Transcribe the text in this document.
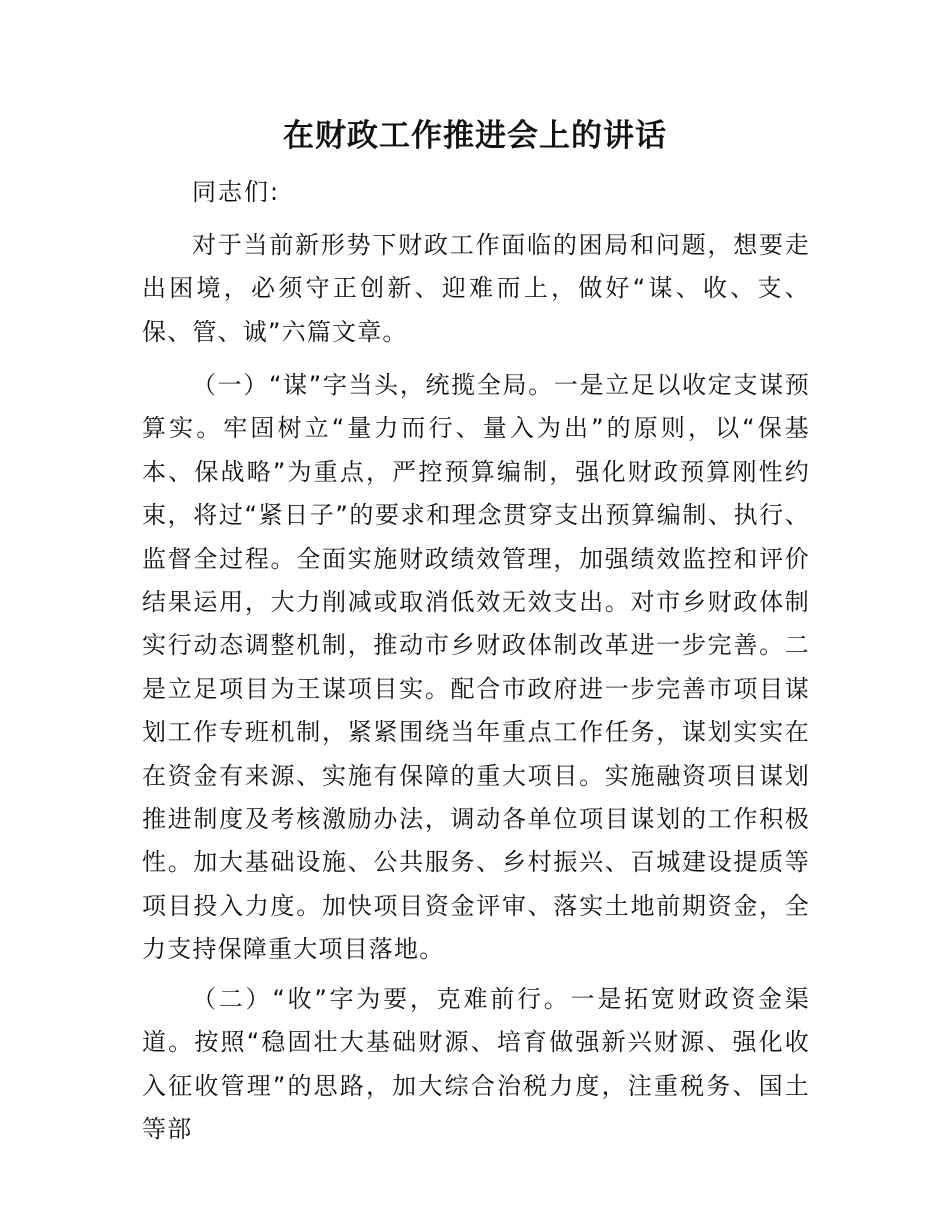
在财政工作推进会上的讲话
同志们:

对于当前新形势下财政工作面临的困局和问题，想要走出困境，必须守正创新、迎难而上，做好“谋、收、支、保、管、诚”六篇文章。

（一）“谋”字当头，统揽全局。一是立足以收定支谋预算实。牢固树立“量力而行、量入为出”的原则，以“保基本、保战略”为重点，严控预算编制，强化财政预算刚性约束，将过“紧日子”的要求和理念贯穿支出预算编制、执行、监督全过程。全面实施财政绩效管理，加强绩效监控和评价结果运用，大力削减或取消低效无效支出。对市乡财政体制实行动态调整机制，推动市乡财政体制改革进一步完善。二是立足项目为王谋项目实。配合市政府进一步完善市项目谋划工作专班机制，紧紧围绕当年重点工作任务，谋划实实在在资金有来源、实施有保障的重大项目。实施融资项目谋划推进制度及考核激励办法，调动各单位项目谋划的工作积极性。加大基础设施、公共服务、乡村振兴、百城建设提质等项目投入力度。加快项目资金评审、落实土地前期资金，全力支持保障重大项目落地。

（二）“收”字为要，克难前行。一是拓宽财政资金渠道。按照“稳固壮大基础财源、培育做强新兴财源、强化收入征收管理”的思路，加大综合治税力度，注重税务、国土等部
